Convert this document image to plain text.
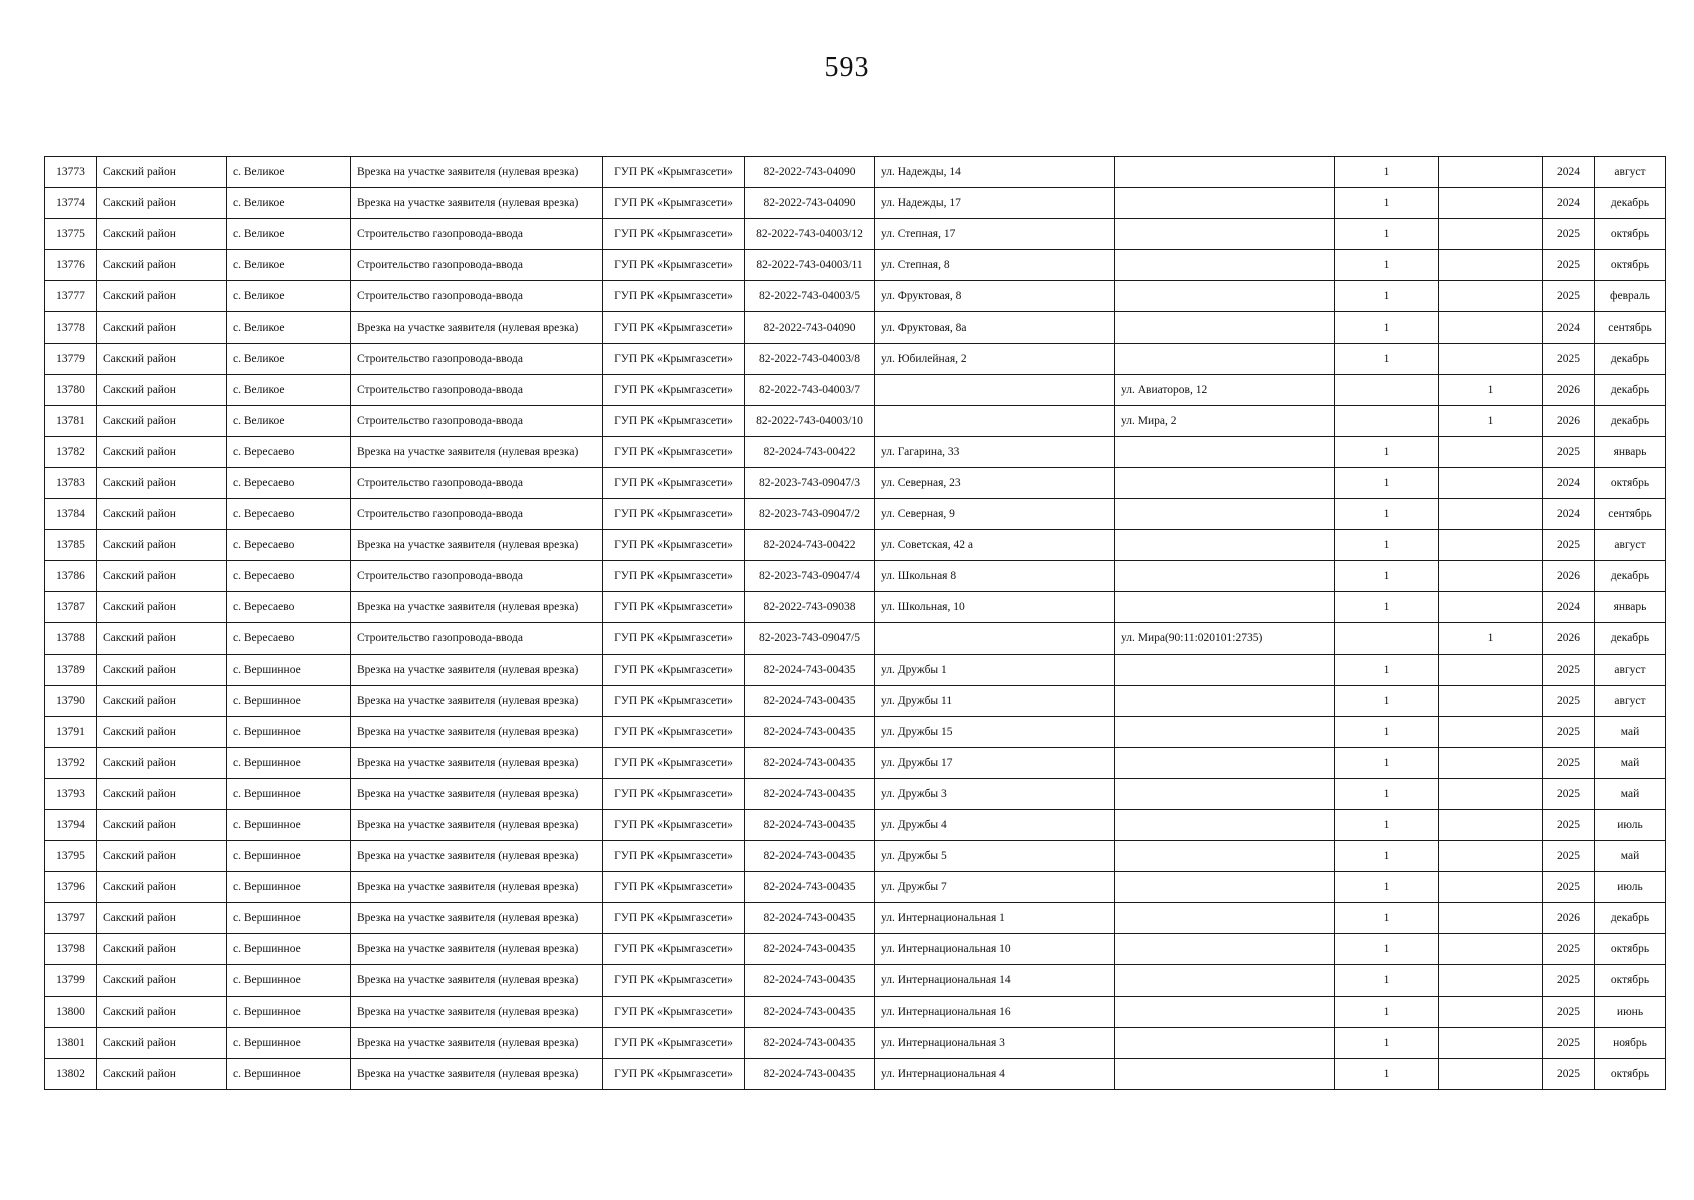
593
13773	Сакский район	с. Великое	Врезка на участке заявителя (нулевая врезка)	ГУП РК «Крымгазсети»	82-2022-743-04090	ул. Надежды, 14		1		2024	август
13774	Сакский район	с. Великое	Врезка на участке заявителя (нулевая врезка)	ГУП РК «Крымгазсети»	82-2022-743-04090	ул. Надежды, 17		1		2024	декабрь
13775	Сакский район	с. Великое	Строительство газопровода-ввода	ГУП РК «Крымгазсети»	82-2022-743-04003/12	ул. Степная, 17		1		2025	октябрь
13776	Сакский район	с. Великое	Строительство газопровода-ввода	ГУП РК «Крымгазсети»	82-2022-743-04003/11	ул. Степная, 8		1		2025	октябрь
13777	Сакский район	с. Великое	Строительство газопровода-ввода	ГУП РК «Крымгазсети»	82-2022-743-04003/5	ул. Фруктовая, 8		1		2025	февраль
13778	Сакский район	с. Великое	Врезка на участке заявителя (нулевая врезка)	ГУП РК «Крымгазсети»	82-2022-743-04090	ул. Фруктовая, 8а		1		2024	сентябрь
13779	Сакский район	с. Великое	Строительство газопровода-ввода	ГУП РК «Крымгазсети»	82-2022-743-04003/8	ул. Юбилейная, 2		1		2025	декабрь
13780	Сакский район	с. Великое	Строительство газопровода-ввода	ГУП РК «Крымгазсети»	82-2022-743-04003/7		ул. Авиаторов, 12		1	2026	декабрь
13781	Сакский район	с. Великое	Строительство газопровода-ввода	ГУП РК «Крымгазсети»	82-2022-743-04003/10		ул. Мира, 2		1	2026	декабрь
13782	Сакский район	с. Вересаево	Врезка на участке заявителя (нулевая врезка)	ГУП РК «Крымгазсети»	82-2024-743-00422	ул. Гагарина, 33		1		2025	январь
13783	Сакский район	с. Вересаево	Строительство газопровода-ввода	ГУП РК «Крымгазсети»	82-2023-743-09047/3	ул. Северная, 23		1		2024	октябрь
13784	Сакский район	с. Вересаево	Строительство газопровода-ввода	ГУП РК «Крымгазсети»	82-2023-743-09047/2	ул. Северная, 9		1		2024	сентябрь
13785	Сакский район	с. Вересаево	Врезка на участке заявителя (нулевая врезка)	ГУП РК «Крымгазсети»	82-2024-743-00422	ул. Советская, 42 а		1		2025	август
13786	Сакский район	с. Вересаево	Строительство газопровода-ввода	ГУП РК «Крымгазсети»	82-2023-743-09047/4	ул. Школьная 8		1		2026	декабрь
13787	Сакский район	с. Вересаево	Врезка на участке заявителя (нулевая врезка)	ГУП РК «Крымгазсети»	82-2022-743-09038	ул. Школьная, 10		1		2024	январь
13788	Сакский район	с. Вересаево	Строительство газопровода-ввода	ГУП РК «Крымгазсети»	82-2023-743-09047/5		ул. Мира(90:11:020101:2735)		1	2026	декабрь
13789	Сакский район	с. Вершинное	Врезка на участке заявителя (нулевая врезка)	ГУП РК «Крымгазсети»	82-2024-743-00435	ул. Дружбы 1		1		2025	август
13790	Сакский район	с. Вершинное	Врезка на участке заявителя (нулевая врезка)	ГУП РК «Крымгазсети»	82-2024-743-00435	ул. Дружбы 11		1		2025	август
13791	Сакский район	с. Вершинное	Врезка на участке заявителя (нулевая врезка)	ГУП РК «Крымгазсети»	82-2024-743-00435	ул. Дружбы 15		1		2025	май
13792	Сакский район	с. Вершинное	Врезка на участке заявителя (нулевая врезка)	ГУП РК «Крымгазсети»	82-2024-743-00435	ул. Дружбы 17		1		2025	май
13793	Сакский район	с. Вершинное	Врезка на участке заявителя (нулевая врезка)	ГУП РК «Крымгазсети»	82-2024-743-00435	ул. Дружбы 3		1		2025	май
13794	Сакский район	с. Вершинное	Врезка на участке заявителя (нулевая врезка)	ГУП РК «Крымгазсети»	82-2024-743-00435	ул. Дружбы 4		1		2025	июль
13795	Сакский район	с. Вершинное	Врезка на участке заявителя (нулевая врезка)	ГУП РК «Крымгазсети»	82-2024-743-00435	ул. Дружбы 5		1		2025	май
13796	Сакский район	с. Вершинное	Врезка на участке заявителя (нулевая врезка)	ГУП РК «Крымгазсети»	82-2024-743-00435	ул. Дружбы 7		1		2025	июль
13797	Сакский район	с. Вершинное	Врезка на участке заявителя (нулевая врезка)	ГУП РК «Крымгазсети»	82-2024-743-00435	ул. Интернациональная 1		1		2026	декабрь
13798	Сакский район	с. Вершинное	Врезка на участке заявителя (нулевая врезка)	ГУП РК «Крымгазсети»	82-2024-743-00435	ул. Интернациональная 10		1		2025	октябрь
13799	Сакский район	с. Вершинное	Врезка на участке заявителя (нулевая врезка)	ГУП РК «Крымгазсети»	82-2024-743-00435	ул. Интернациональная 14		1		2025	октябрь
13800	Сакский район	с. Вершинное	Врезка на участке заявителя (нулевая врезка)	ГУП РК «Крымгазсети»	82-2024-743-00435	ул. Интернациональная 16		1		2025	июнь
13801	Сакский район	с. Вершинное	Врезка на участке заявителя (нулевая врезка)	ГУП РК «Крымгазсети»	82-2024-743-00435	ул. Интернациональная 3		1		2025	ноябрь
13802	Сакский район	с. Вершинное	Врезка на участке заявителя (нулевая врезка)	ГУП РК «Крымгазсети»	82-2024-743-00435	ул. Интернациональная 4		1		2025	октябрь
